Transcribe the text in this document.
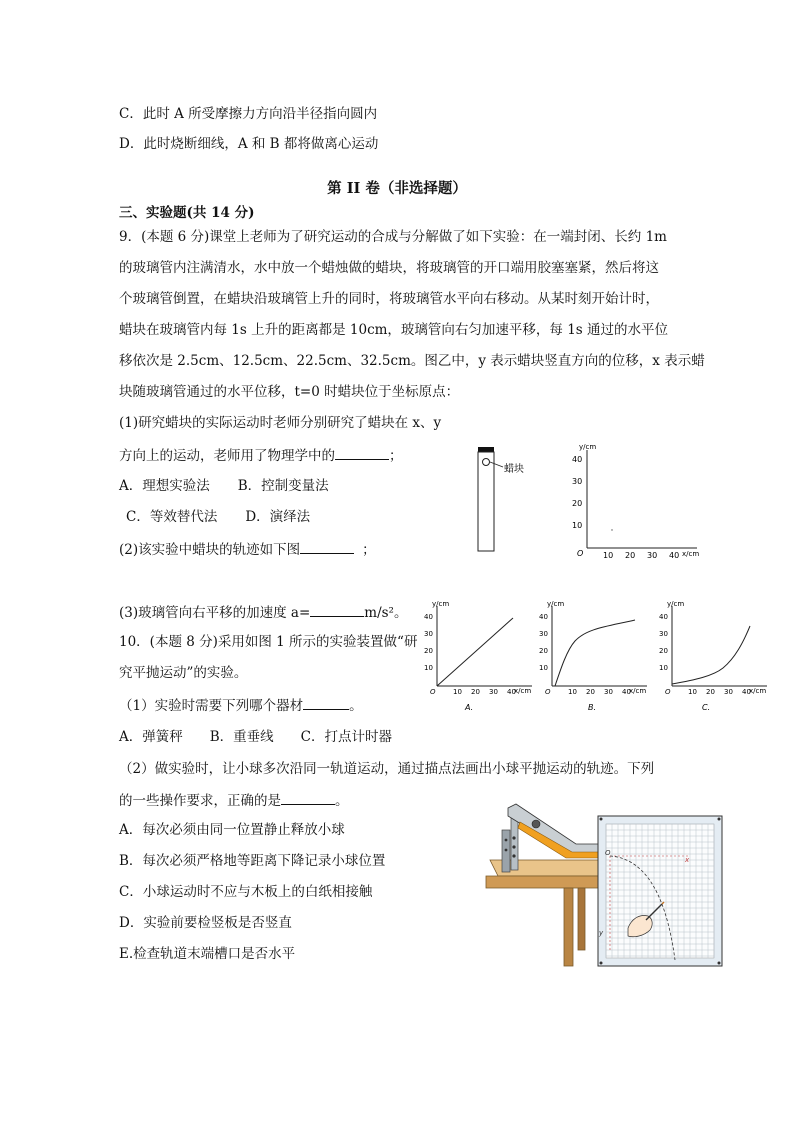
C．此时 A 所受摩擦力方向沿半径指向圆内
D．此时烧断细线，A 和 B 都将做离心运动
第 II 卷（非选择题）
三、实验题(共 14 分)
9．(本题 6 分)课堂上老师为了研究运动的合成与分解做了如下实验：在一端封闭、长约 1m
的玻璃管内注满清水，水中放一个蜡烛做的蜡块，将玻璃管的开口端用胶塞塞紧，然后将这
个玻璃管倒置，在蜡块沿玻璃管上升的同时，将玻璃管水平向右移动。从某时刻开始计时，
蜡块在玻璃管内每 1s 上升的距离都是 10cm，玻璃管向右匀加速平移，每 1s 通过的水平位
移依次是 2.5cm、12.5cm、22.5cm、32.5cm。图乙中，y 表示蜡块竖直方向的位移，x 表示蜡
块随玻璃管通过的水平位移，t=0 时蜡块位于坐标原点：
(1)研究蜡块的实际运动时老师分别研究了蜡块在 x、y
方向上的运动，老师用了物理学中的	；
A．理想实验法 B．控制变量法
C．等效替代法 D．演绎法
(2)该实验中蜡块的轨迹如下图	；
(3)玻璃管向右平移的加速度 a=	m/s²。
蜡块
y/cm
x/cm
O
10
20
30
40
10 20 30 40
y/cm
x/cm
O
10
20
30
40
10 20 30 40
A.
y/cm
x/cm
O
10
20
30
40
10 20 30 40
B.
y/cm
x/cm
O
10
20
30
40
10 20 30 40
C.
10．(本题 8 分)采用如图 1 所示的实验装置做“研
究平抛运动”的实验。
（1）实验时需要下列哪个器材	。
A．弹簧秤　　B．重垂线　　C．打点计时器
（2）做实验时，让小球多次沿同一轨道运动，通过描点法画出小球平抛运动的轨迹。下列
的一些操作要求，正确的是	。
A．每次必须由同一位置静止释放小球
B．每次必须严格地等距离下降记录小球位置
C．小球运动时不应与木板上的白纸相接触
D．实验前要检竖板是否竖直
E.检查轨道末端槽口是否水平
x
y
O
